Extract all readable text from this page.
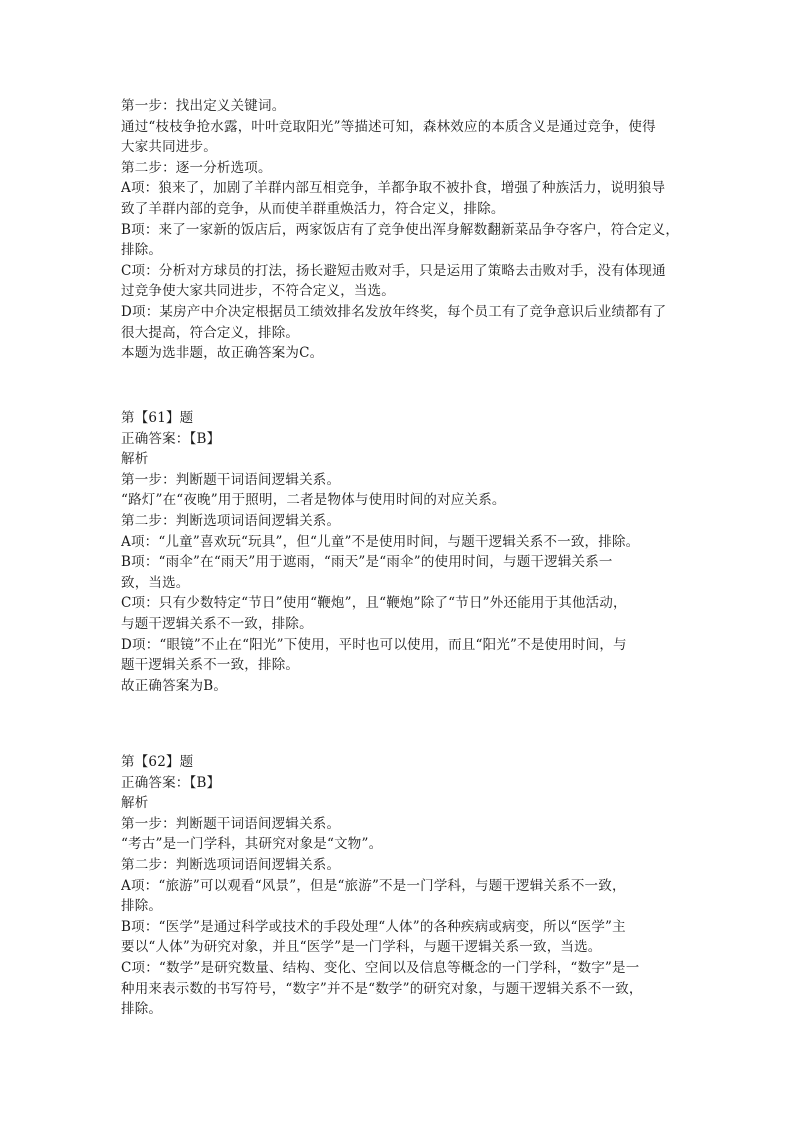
第一步：找出定义关键词。
通过“枝枝争抢水露，叶叶竞取阳光”等描述可知，森林效应的本质含义是通过竞争，使得
大家共同进步。
第二步：逐一分析选项。
A项：狼来了，加剧了羊群内部互相竞争，羊都争取不被扑食，增强了种族活力，说明狼导
致了羊群内部的竞争，从而使羊群重焕活力，符合定义，排除。
B项：来了一家新的饭店后，两家饭店有了竞争使出浑身解数翻新菜品争夺客户，符合定义，
排除。
C项：分析对方球员的打法，扬长避短击败对手，只是运用了策略去击败对手，没有体现通
过竞争使大家共同进步，不符合定义，当选。
D项：某房产中介决定根据员工绩效排名发放年终奖，每个员工有了竞争意识后业绩都有了
很大提高，符合定义，排除。
本题为选非题，故正确答案为C。
第【61】题
正确答案：【B】
解析
第一步：判断题干词语间逻辑关系。
“路灯”在“夜晚”用于照明，二者是物体与使用时间的对应关系。
第二步：判断选项词语间逻辑关系。
A项：“儿童”喜欢玩“玩具”，但“儿童”不是使用时间，与题干逻辑关系不一致，排除。
B项：“雨伞”在“雨天”用于遮雨，“雨天”是“雨伞”的使用时间，与题干逻辑关系一
致，当选。
C项：只有少数特定“节日”使用“鞭炮”，且“鞭炮”除了“节日”外还能用于其他活动，
与题干逻辑关系不一致，排除。
D项：“眼镜”不止在“阳光”下使用，平时也可以使用，而且“阳光”不是使用时间，与
题干逻辑关系不一致，排除。
故正确答案为B。
第【62】题
正确答案：【B】
解析
第一步：判断题干词语间逻辑关系。
“考古”是一门学科，其研究对象是“文物”。
第二步：判断选项词语间逻辑关系。
A项：“旅游”可以观看“风景”，但是“旅游”不是一门学科，与题干逻辑关系不一致，
排除。
B项：“医学”是通过科学或技术的手段处理“人体”的各种疾病或病变，所以“医学”主
要以“人体”为研究对象，并且“医学”是一门学科，与题干逻辑关系一致，当选。
C项：“数学”是研究数量、结构、变化、空间以及信息等概念的一门学科，“数字”是一
种用来表示数的书写符号，“数字”并不是“数学”的研究对象，与题干逻辑关系不一致，
排除。
